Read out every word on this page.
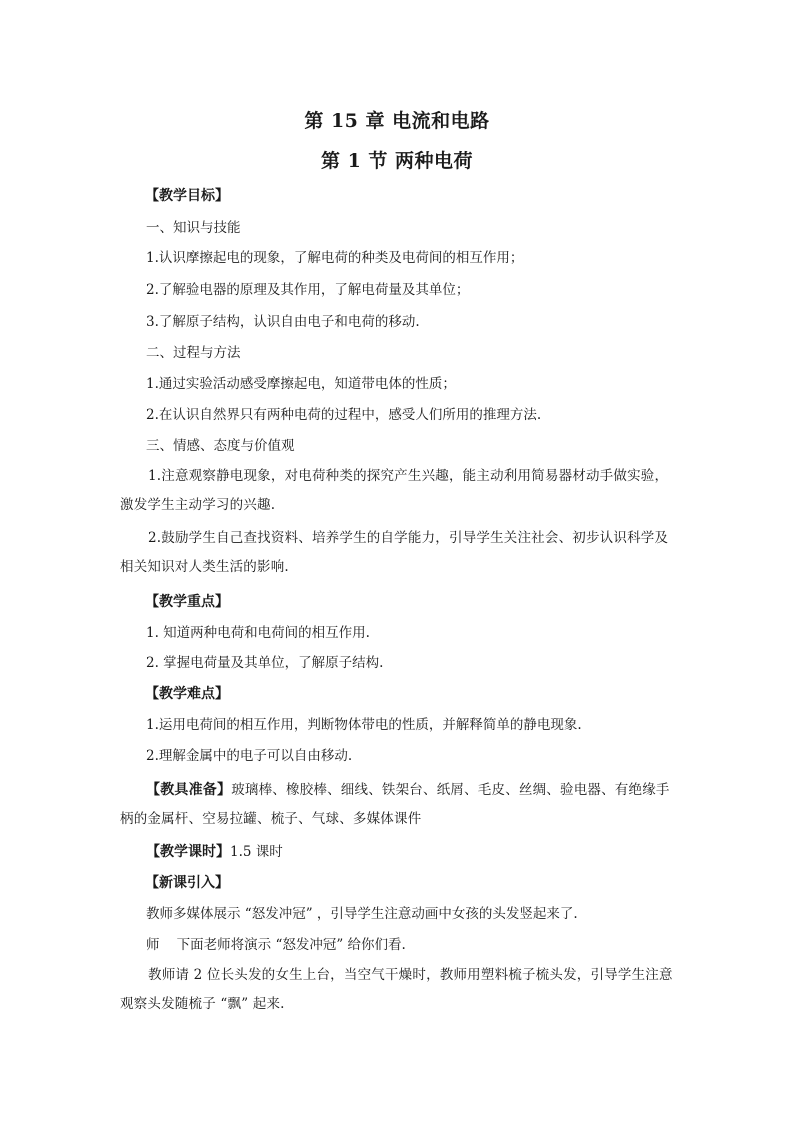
第 15 章 电流和电路
第 1 节 两种电荷
【教学目标】
一、知识与技能
1.认识摩擦起电的现象，了解电荷的种类及电荷间的相互作用；
2.了解验电器的原理及其作用，了解电荷量及其单位；
3.了解原子结构，认识自由电子和电荷的移动.
二、过程与方法
1.通过实验活动感受摩擦起电，知道带电体的性质；
2.在认识自然界只有两种电荷的过程中，感受人们所用的推理方法.
三、情感、态度与价值观
1.注意观察静电现象，对电荷种类的探究产生兴趣，能主动利用简易器材动手做实验，激发学生主动学习的兴趣.
2.鼓励学生自己查找资料、培养学生的自学能力，引导学生关注社会、初步认识科学及相关知识对人类生活的影响.
【教学重点】
1. 知道两种电荷和电荷间的相互作用.
2. 掌握电荷量及其单位，了解原子结构.
【教学难点】
1.运用电荷间的相互作用，判断物体带电的性质，并解释简单的静电现象.
2.理解金属中的电子可以自由移动.
【教具准备】玻璃棒、橡胶棒、细线、铁架台、纸屑、毛皮、丝绸、验电器、有绝缘手柄的金属杆、空易拉罐、梳子、气球、多媒体课件
【教学课时】1.5 课时
【新课引入】
教师多媒体展示 “怒发冲冠” ，引导学生注意动画中女孩的头发竖起来了.
师    下面老师将演示 “怒发冲冠” 给你们看.
教师请 2 位长头发的女生上台，当空气干燥时，教师用塑料梳子梳头发，引导学生注意观察头发随梳子 “飘” 起来.
